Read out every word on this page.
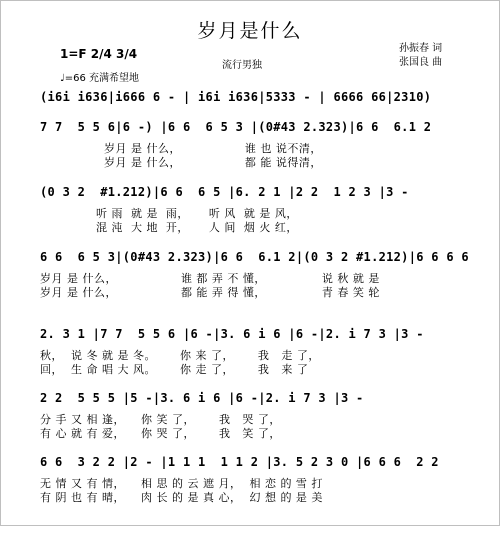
岁月是什么
1=F 2/4 3/4
♩=66 充满希望地
流行男独
孙振春 词
张国良 曲
(i6i i636|i666 6 - | i6i i636|5333 - | 6666 66|2310)
7 7  5 5 6|6 -) |6 6  6 5 3 |(0#43 2.323)|6 6  6.1 2
岁月 是 什么，                谁 也 说不清，
岁月 是 什么，                都 能 说得清，
(0 3 2  #1.212)|6 6  6 5 |6. 2 1 |2 2  1 2 3 |3 -
听 雨  就 是  雨，     听 风  就 是 风，
混 沌  大 地  开，     人 间  烟 火 红，
6 6  6 5 3|(0#43 2.323)|6 6  6.1 2|(0 3 2 #1.212)|6 6 6 6
岁月 是 什么，                谁 都 弄 不 懂，              说 秋 就 是
岁月 是 什么，                都 能 弄 得 懂，              青 春 笑 轮
2. 3 1 |7 7  5 5 6 |6 -|3. 6 i 6 |6 -|2. i 7 3 |3 -
秋，  说 冬 就 是 冬。      你 来 了，      我   走 了，
回，  生 命 唱 大 风。      你 走 了，      我   来 了
2 2  5 5 5 |5 -|3. 6 i 6 |6 -|2. i 7 3 |3 -
分 手 又 相 逢，    你 笑 了，      我   哭 了，
有 心 就 有 爱，    你 哭 了，      我   笑 了，
6 6  3 2 2 |2 - |1 1 1  1 1 2 |3. 5 2 3 0 |6 6 6  2 2
无 情 又 有 情，    相 思 的 云 遮 月，  相 恋 的 雪 打
有 阴 也 有 晴，    肉 长 的 是 真 心，  幻 想 的 是 美
